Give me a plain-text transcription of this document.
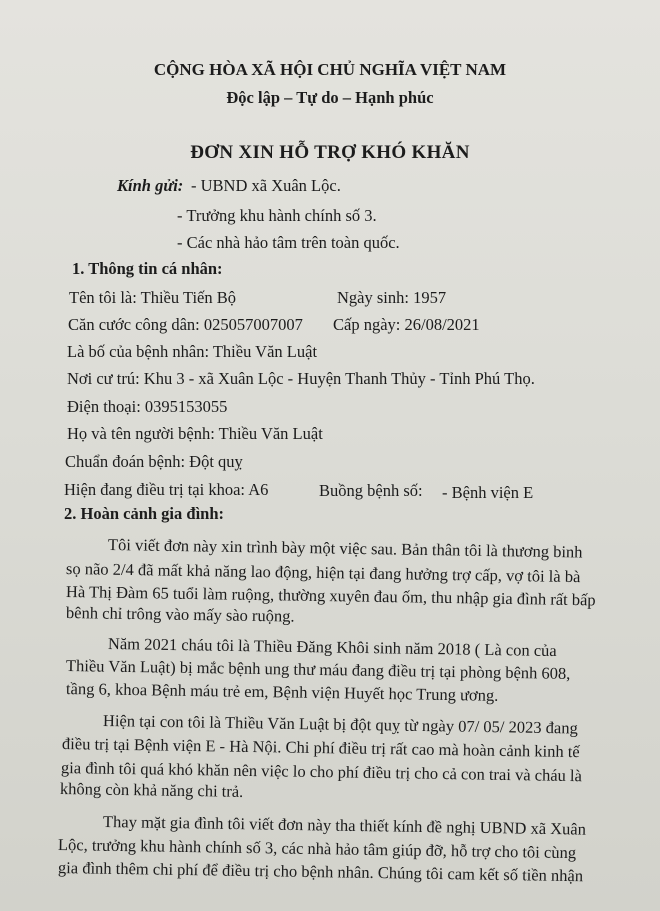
CỘNG HÒA XÃ HỘI CHỦ NGHĨA VIỆT NAM
Độc lập – Tự do – Hạnh phúc
ĐƠN XIN HỖ TRỢ KHÓ KHĂN
Kính gửi: - UBND xã Xuân Lộc.
- Trưởng khu hành chính số 3.
- Các nhà hảo tâm trên toàn quốc.
1. Thông tin cá nhân:
Tên tôi là: Thiều Tiến Bộ	Ngày sinh: 1957
Căn cước công dân: 025057007007 Cấp ngày: 26/08/2021
Là bố của bệnh nhân: Thiều Văn Luật
Nơi cư trú: Khu 3 - xã Xuân Lộc - Huyện Thanh Thủy - Tỉnh Phú Thọ.
Điện thoại: 0395153055
Họ và tên người bệnh: Thiều Văn Luật
Chuẩn đoán bệnh: Đột quỵ
Hiện đang điều trị tại khoa: A6	Buồng bệnh số: - Bệnh viện E
2. Hoàn cảnh gia đình:
Tôi viết đơn này xin trình bày một việc sau. Bản thân tôi là thương binh
sọ não 2/4 đã mất khả năng lao động, hiện tại đang hưởng trợ cấp, vợ tôi là bà
Hà Thị Đàm 65 tuổi làm ruộng, thường xuyên đau ốm, thu nhập gia đình rất bấp
bênh chỉ trông vào mấy sào ruộng.
Năm 2021 cháu tôi là Thiều Đăng Khôi sinh năm 2018 ( Là con của
Thiều Văn Luật) bị mắc bệnh ung thư máu đang điều trị tại phòng bệnh 608,
tầng 6, khoa Bệnh máu trẻ em, Bệnh viện Huyết học Trung ương.
Hiện tại con tôi là Thiều Văn Luật bị đột quỵ từ ngày 07/ 05/ 2023 đang
điều trị tại Bệnh viện E - Hà Nội. Chi phí điều trị rất cao mà hoàn cảnh kinh tế
gia đình tôi quá khó khăn nên việc lo cho phí điều trị cho cả con trai và cháu là
không còn khả năng chi trả.
Thay mặt gia đình tôi viết đơn này tha thiết kính đề nghị UBND xã Xuân
Lộc, trưởng khu hành chính số 3, các nhà hảo tâm giúp đỡ, hỗ trợ cho tôi cùng
gia đình thêm chi phí để điều trị cho bệnh nhân. Chúng tôi cam kết số tiền nhận
